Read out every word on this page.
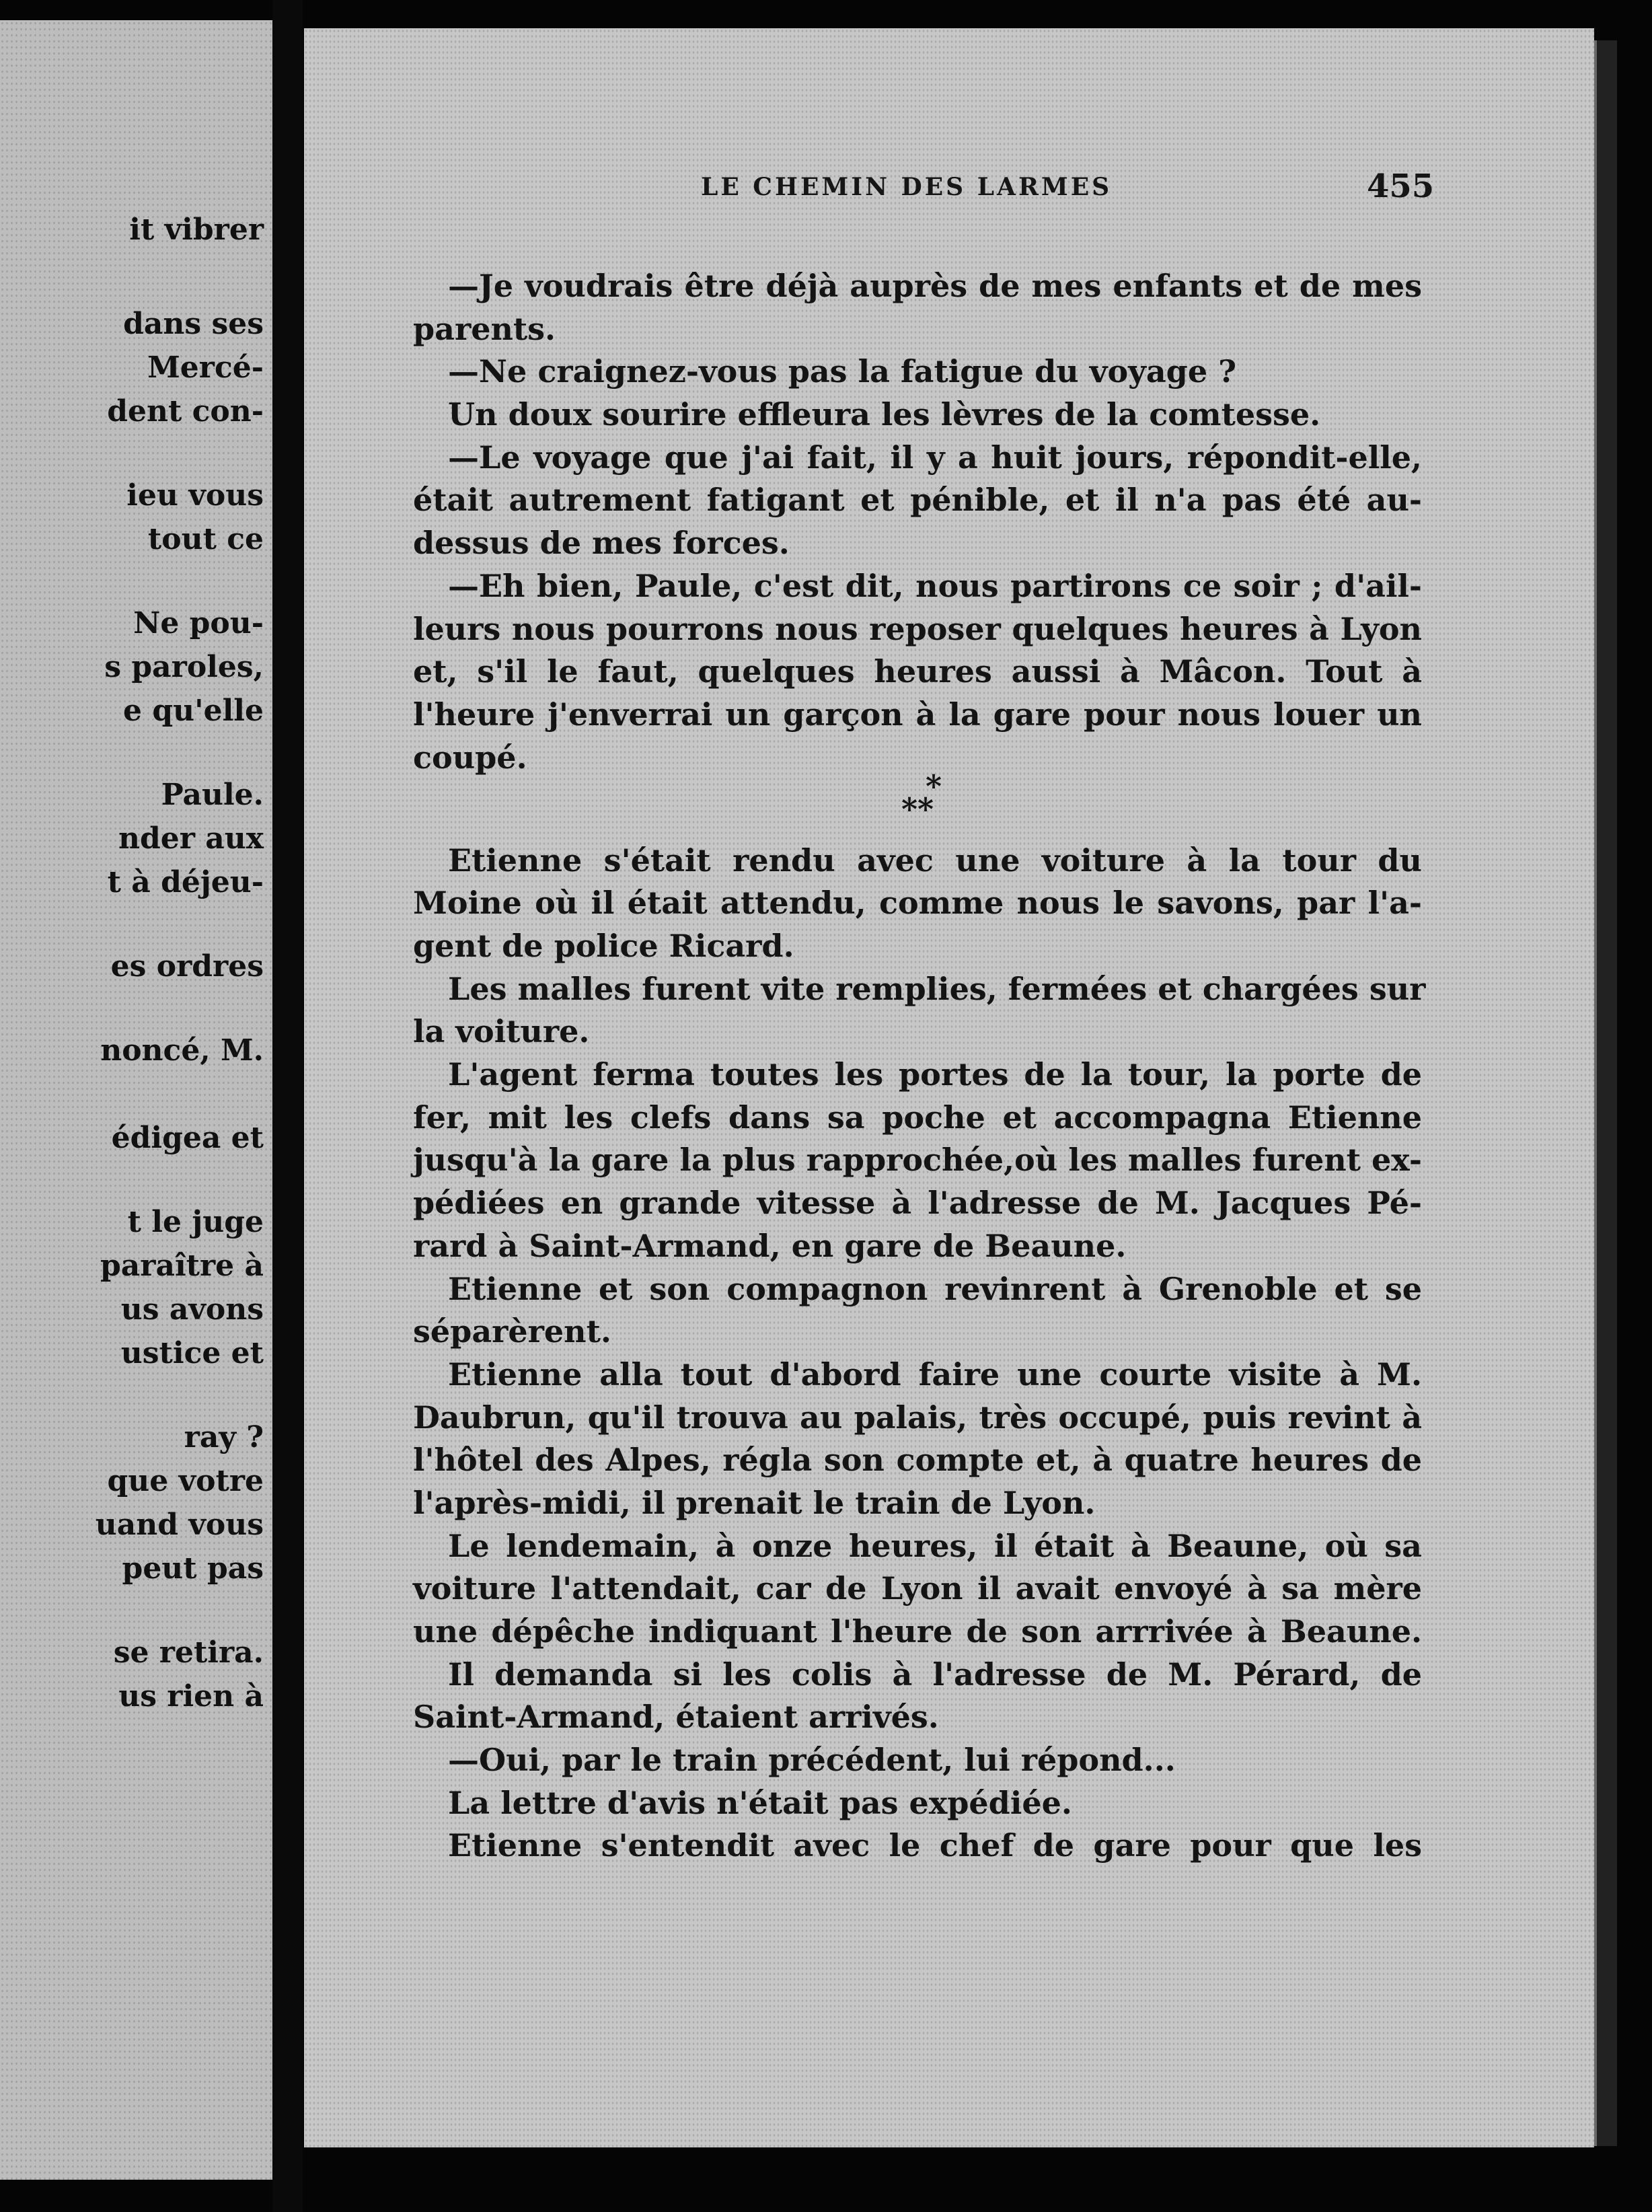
it vibrer
dans ses
Mercé-
dent con-
ieu vous
tout ce
Ne pou-
s paroles,
e qu'elle
Paule.
nder aux
t à déjeu-
es ordres
noncé, M.
édigea et
t le juge
paraître à
us avons
ustice et
ray ?
que votre
uand vous
peut pas
se retira.
us rien à
LE CHEMIN DES LARMES	455
—Je voudrais être déjà auprès de mes enfants et de mes
parents.
—Ne craignez-vous pas la fatigue du voyage ?
Un doux sourire effleura les lèvres de la comtesse.
—Le voyage que j'ai fait, il y a huit jours, répondit-elle,
était autrement fatigant et pénible, et il n'a pas été au-
dessus de mes forces.
—Eh bien, Paule, c'est dit, nous partirons ce soir ; d'ail-
leurs nous pourrons nous reposer quelques heures à Lyon
et, s'il le faut, quelques heures aussi à Mâcon. Tout à
l'heure j'enverrai un garçon à la gare pour nous louer un
coupé.
*

**
Etienne s'était rendu avec une voiture à la tour du
Moine où il était attendu, comme nous le savons, par l'a-
gent de police Ricard.
Les malles furent vite remplies, fermées et chargées sur
la voiture.
L'agent ferma toutes les portes de la tour, la porte de
fer, mit les clefs dans sa poche et accompagna Etienne
jusqu'à la gare la plus rapprochée,où les malles furent ex-
pédiées en grande vitesse à l'adresse de M. Jacques Pé-
rard à Saint-Armand, en gare de Beaune.
Etienne et son compagnon revinrent à Grenoble et se
séparèrent.
Etienne alla tout d'abord faire une courte visite à M.
Daubrun, qu'il trouva au palais, très occupé, puis revint à
l'hôtel des Alpes, régla son compte et, à quatre heures de
l'après-midi, il prenait le train de Lyon.
Le lendemain, à onze heures, il était à Beaune, où sa
voiture l'attendait, car de Lyon il avait envoyé à sa mère
une dépêche indiquant l'heure de son arrrivée à Beaune.
Il demanda si les colis à l'adresse de M. Pérard, de
Saint-Armand, étaient arrivés.
—Oui, par le train précédent, lui répond...
La lettre d'avis n'était pas expédiée.
Etienne s'entendit avec le chef de gare pour que les
